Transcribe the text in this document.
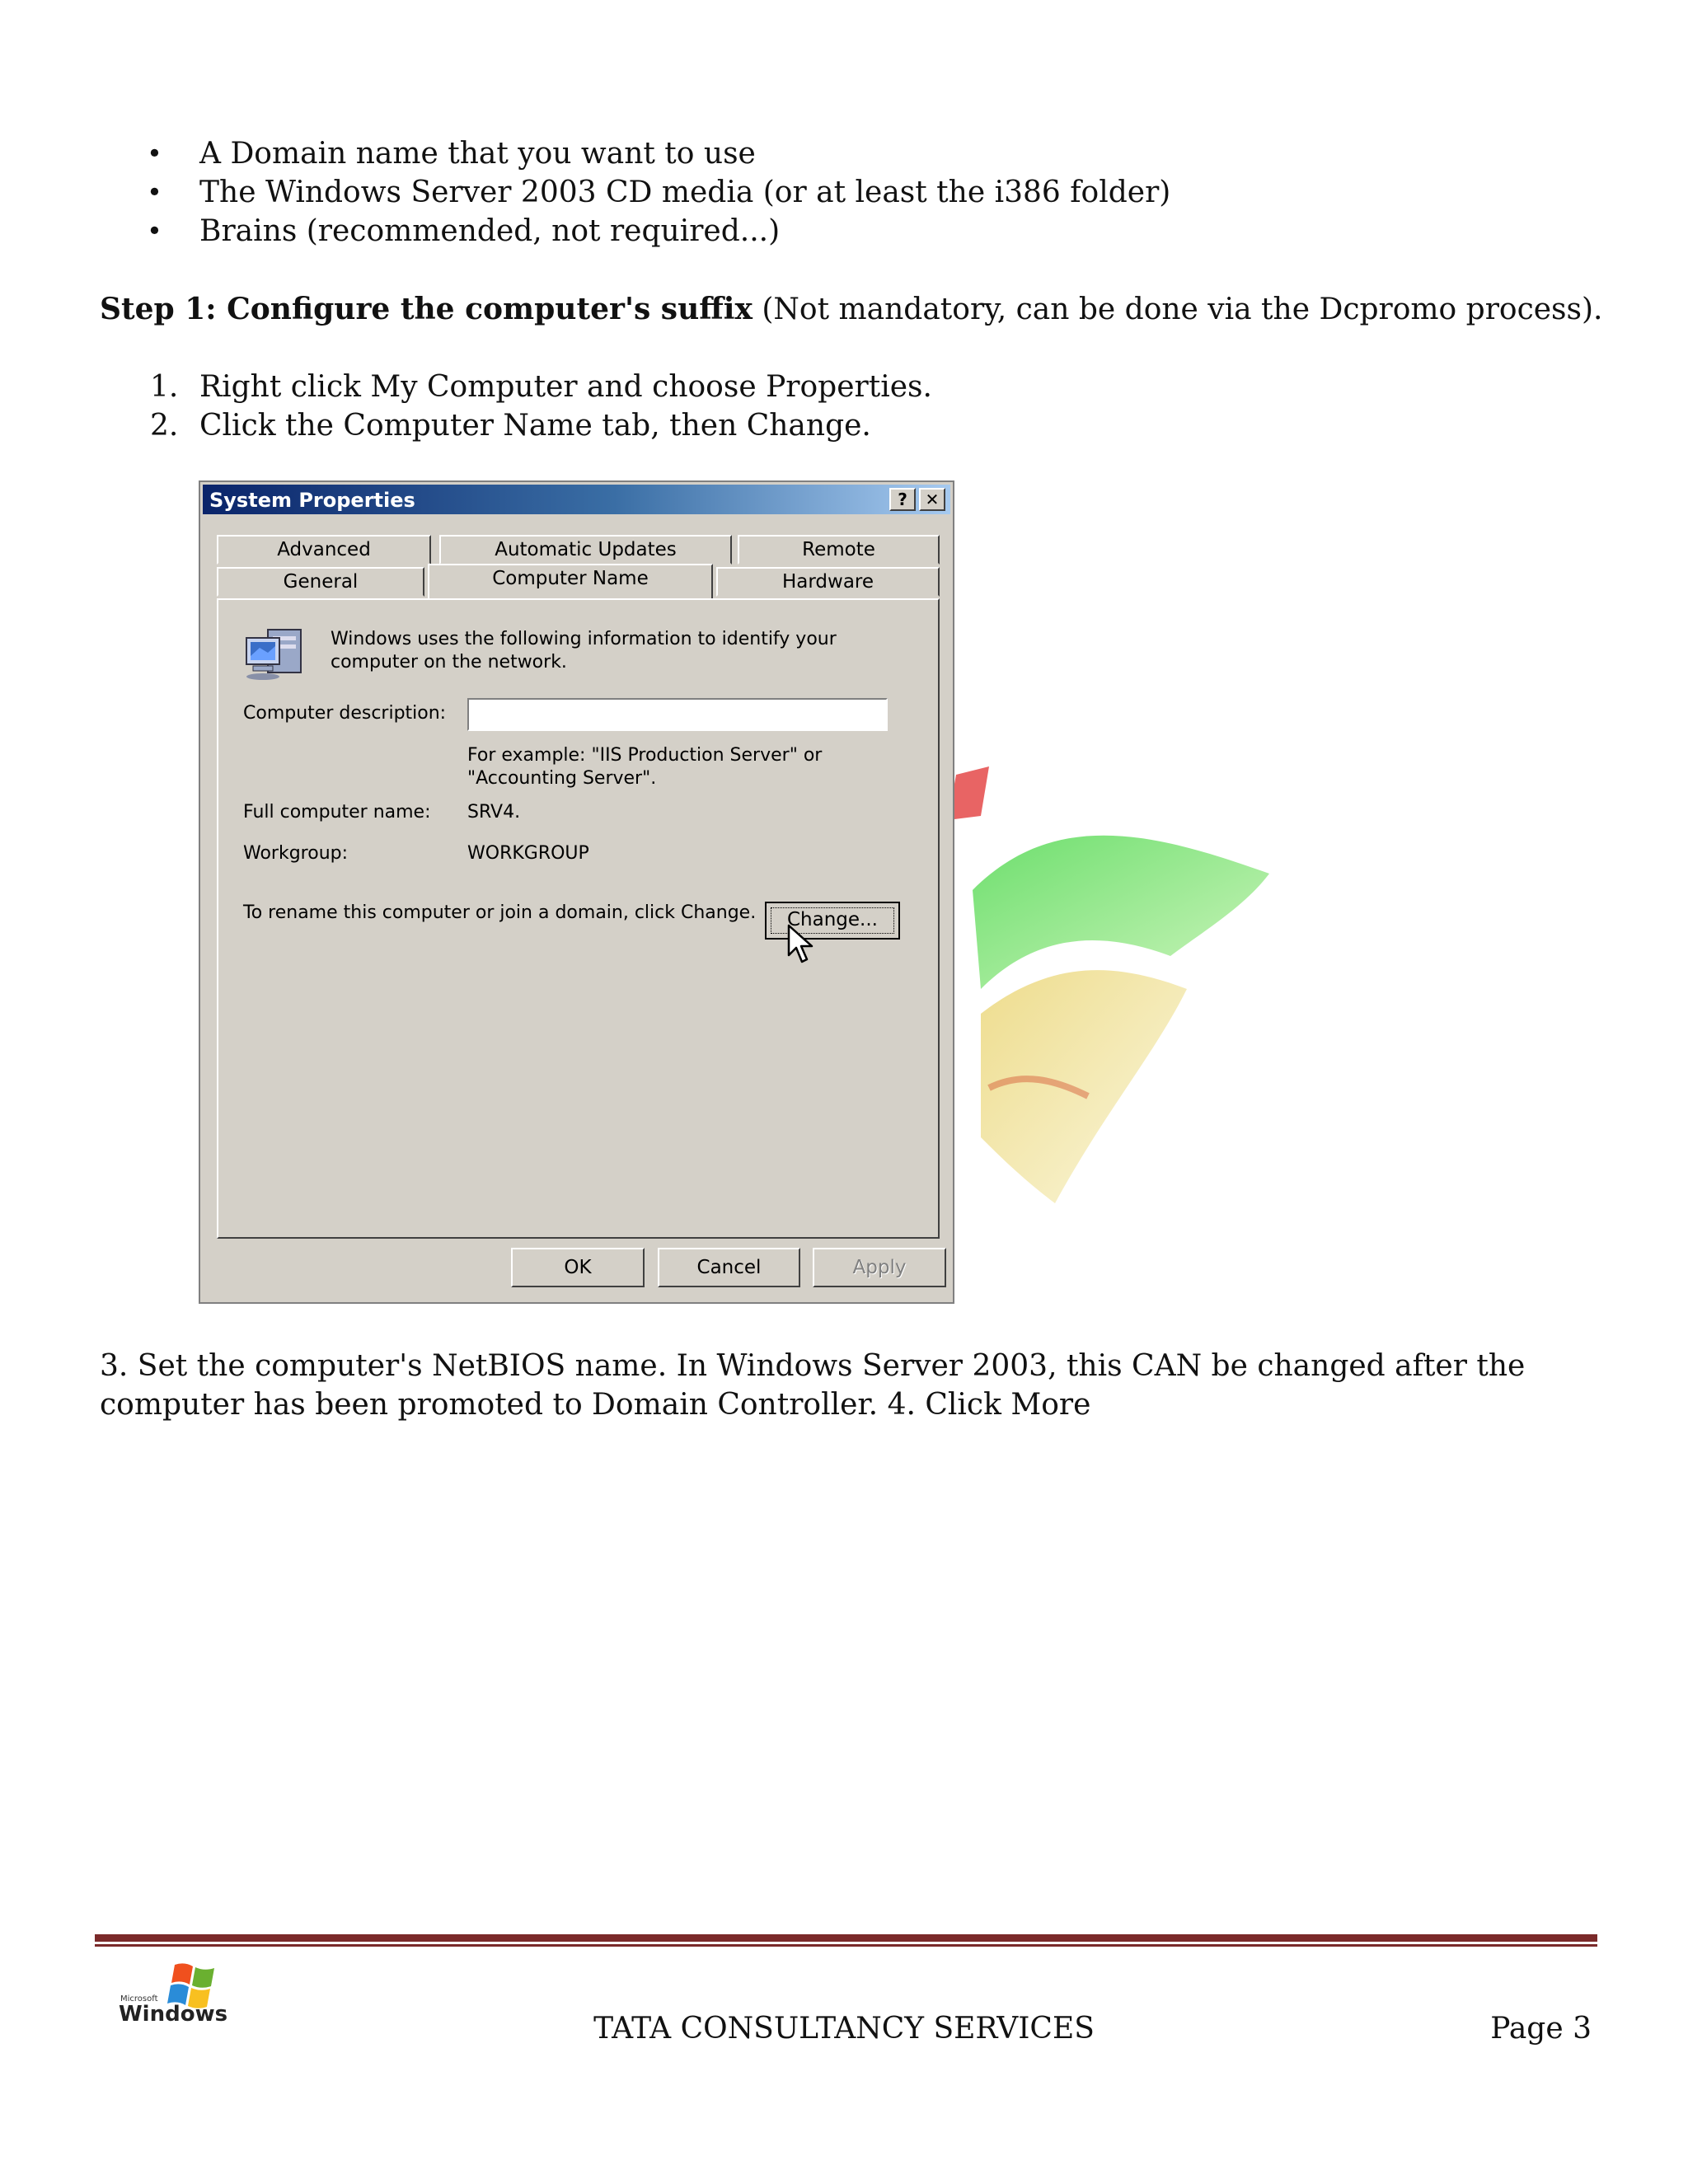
• A Domain name that you want to use
• The Windows Server 2003 CD media (or at least the i386 folder)
• Brains (recommended, not required...)
Step 1: Configure the computer's suffix (Not mandatory, can be done via the Dcpromo process).
1. Right click My Computer and choose Properties.
2. Click the Computer Name tab, then Change.
System Properties	?	✕
Advanced	Automatic Updates	Remote
General	Computer Name	Hardware
Windows uses the following information to identify your computer on the network.
Computer description:
For example: "IIS Production Server" or "Accounting Server".
Full computer name: SRV4.
Workgroup:	WORKGROUP
To rename this computer or join a domain, click Change.	Change...
OK	Cancel	Apply
3. Set the computer's NetBIOS name. In Windows Server 2003, this CAN be changed after the computer has been promoted to Domain Controller. 4. Click More
Microsoft
Windows	TATA CONSULTANCY SERVICES	Page 3
